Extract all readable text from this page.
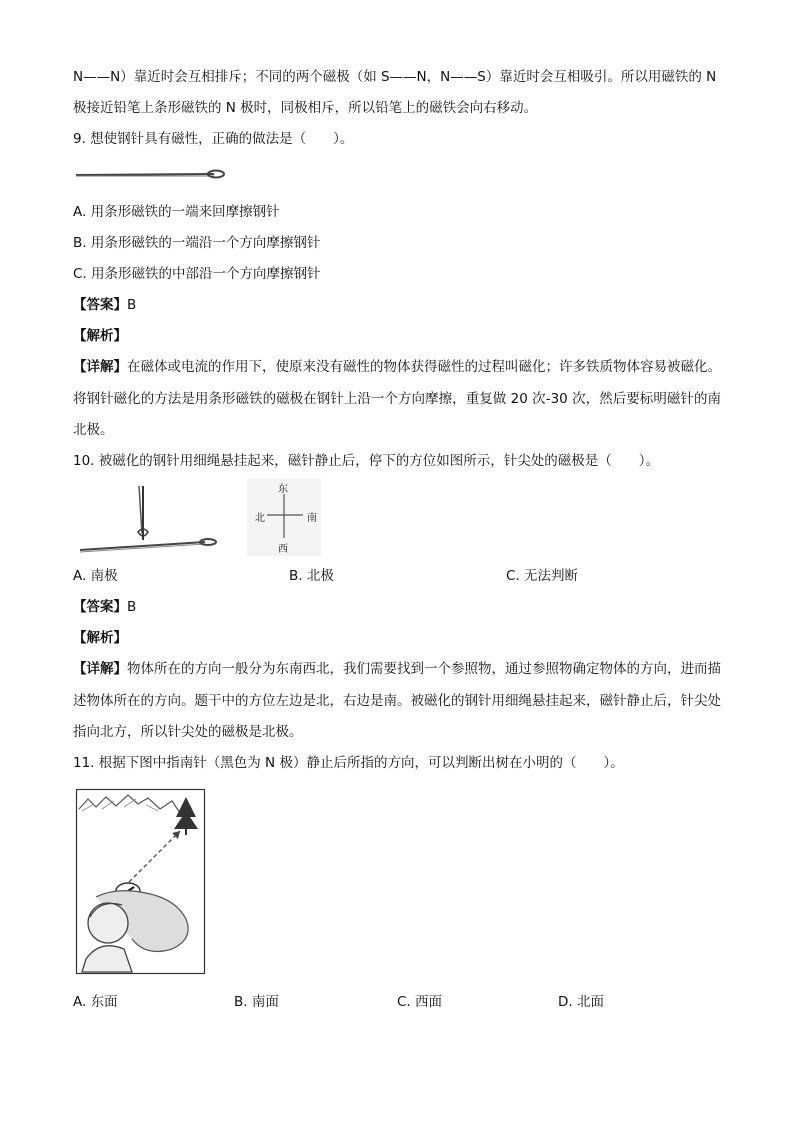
N——N）靠近时会互相排斥；不同的两个磁极（如 S——N，N——S）靠近时会互相吸引。所以用磁铁的 N
极接近铅笔上条形磁铁的 N 极时，同极相斥，所以铅笔上的磁铁会向右移动。
9. 想使钢针具有磁性，正确的做法是（　　）。
A. 用条形磁铁的一端来回摩擦钢针
B. 用条形磁铁的一端沿一个方向摩擦钢针
C. 用条形磁铁的中部沿一个方向摩擦钢针
【答案】B
【解析】
【详解】在磁体或电流的作用下，使原来没有磁性的物体获得磁性的过程叫磁化；许多铁质物体容易被磁化。将钢针磁化的方法是用条形磁铁的磁极在钢针上沿一个方向摩擦，重复做 20 次-30 次，然后要标明磁针的南北极。
10. 被磁化的钢针用细绳悬挂起来，磁针静止后，停下的方位如图所示，针尖处的磁极是（　　）。
东
西
北	南
A. 南极	B. 北极	C. 无法判断
【答案】B
【解析】
【详解】物体所在的方向一般分为东南西北，我们需要找到一个参照物，通过参照物确定物体的方向，进而描述物体所在的方向。题干中的方位左边是北，右边是南。被磁化的钢针用细绳悬挂起来，磁针静止后，针尖处指向北方，所以针尖处的磁极是北极。
11. 根据下图中指南针（黑色为 N 极）静止后所指的方向，可以判断出树在小明的（　　）。
A. 东面	B. 南面	C. 西面	D. 北面
